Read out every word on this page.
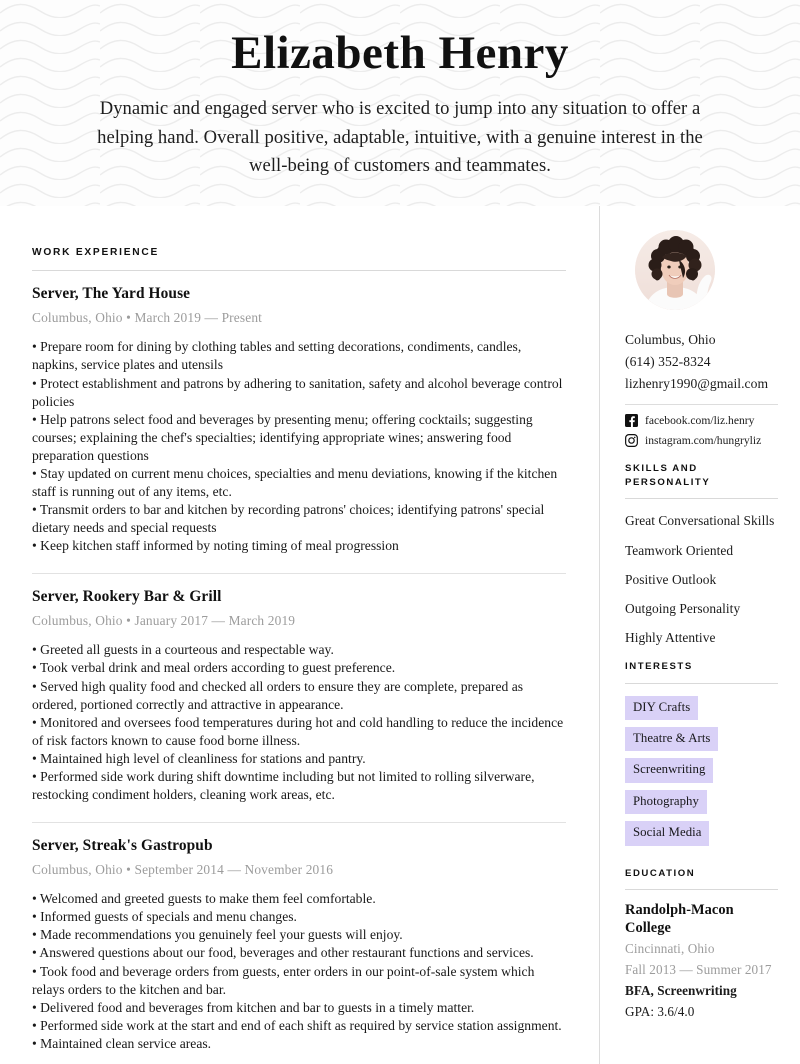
Elizabeth Henry

Dynamic and engaged server who is excited to jump into any situation to offer a helping hand. Overall positive, adaptable, intuitive, with a genuine interest in the well-being of customers and teammates.

WORK EXPERIENCE
Server, The Yard House
Columbus, Ohio • March 2019 — Present
• Prepare room for dining by clothing tables and setting decorations, condiments, candles, napkins, service plates and utensils
• Protect establishment and patrons by adhering to sanitation, safety and alcohol beverage control policies
• Help patrons select food and beverages by presenting menu; offering cocktails; suggesting courses; explaining the chef's specialties; identifying appropriate wines; answering food preparation questions
• Stay updated on current menu choices, specialties and menu deviations, knowing if the kitchen staff is running out of any items, etc.
• Transmit orders to bar and kitchen by recording patrons' choices; identifying patrons' special dietary needs and special requests
• Keep kitchen staff informed by noting timing of meal progression
Server, Rookery Bar & Grill
Columbus, Ohio • January 2017 — March 2019
• Greeted all guests in a courteous and respectable way.
• Took verbal drink and meal orders according to guest preference.
• Served high quality food and checked all orders to ensure they are complete, prepared as ordered, portioned correctly and attractive in appearance.
• Monitored and oversees food temperatures during hot and cold handling to reduce the incidence of risk factors known to cause food borne illness.
• Maintained high level of cleanliness for stations and pantry.
• Performed side work during shift downtime including but not limited to rolling silverware, restocking condiment holders, cleaning work areas, etc.
Server, Streak's Gastropub
Columbus, Ohio • September 2014 — November 2016
• Welcomed and greeted guests to make them feel comfortable.
• Informed guests of specials and menu changes.
• Made recommendations you genuinely feel your guests will enjoy.
• Answered questions about our food, beverages and other restaurant functions and services.
• Took food and beverage orders from guests, enter orders in our point-of-sale system which relays orders to the kitchen and bar.
• Delivered food and beverages from kitchen and bar to guests in a timely matter.
• Performed side work at the start and end of each shift as required by service station assignment.
• Maintained clean service areas.
Columbus, Ohio
(614) 352-8324
lizhenry1990@gmail.com
facebook.com/liz.henry
instagram.com/hungryliz
SKILLS AND PERSONALITY
Great Conversational Skills
Teamwork Oriented
Positive Outlook
Outgoing Personality
Highly Attentive
INTERESTS
DIY Crafts
Theatre & Arts
Screenwriting
Photography
Social Media

EDUCATION
Randolph-Macon College
Cincinnati, Ohio
Fall 2013 — Summer 2017
BFA, Screenwriting
GPA: 3.6/4.0
